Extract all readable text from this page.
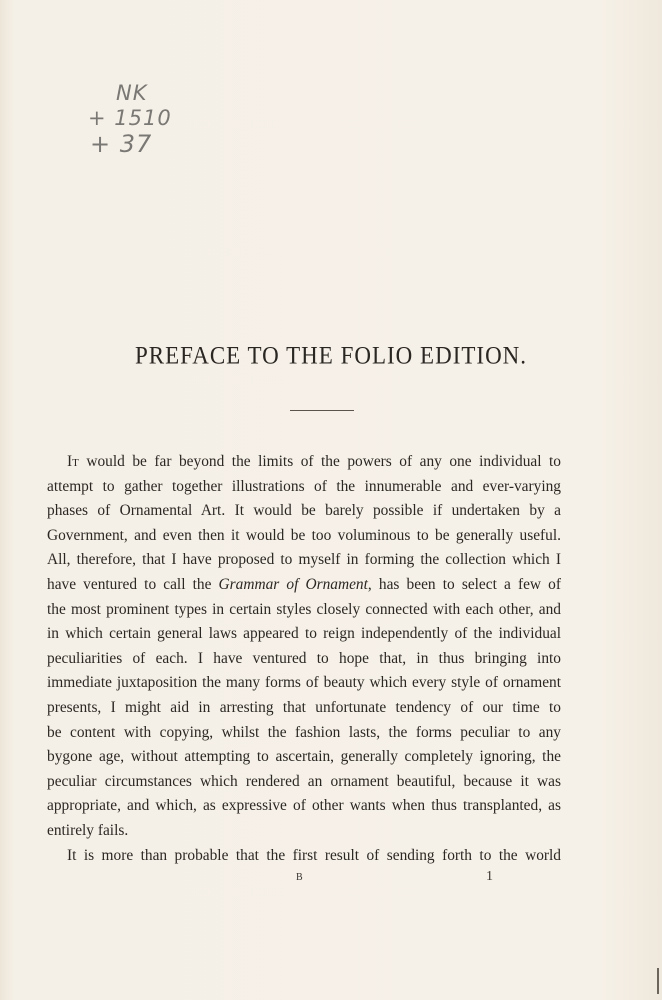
NK
+ 1510
+ 37
PREFACE TO THE FOLIO EDITION.

It would be far beyond the limits of the powers of any one individual to
attempt to gather together illustrations of the innumerable and ever-varying
phases of Ornamental Art. It would be barely possible if undertaken by a
Government, and even then it would be too voluminous to be generally useful.
All, therefore, that I have proposed to myself in forming the collection which I
have ventured to call the Grammar of Ornament, has been to select a few of
the most prominent types in certain styles closely connected with each other, and
in which certain general laws appeared to reign independently of the individual
peculiarities of each. I have ventured to hope that, in thus bringing into
immediate juxtaposition the many forms of beauty which every style of ornament
presents, I might aid in arresting that unfortunate tendency of our time to
be content with copying, whilst the fashion lasts, the forms peculiar to any
bygone age, without attempting to ascertain, generally completely ignoring, the
peculiar circumstances which rendered an ornament beautiful, because it was
appropriate, and which, as expressive of other wants when thus transplanted, as
entirely fails.

It is more than probable that the first result of sending forth to the world

B	1
